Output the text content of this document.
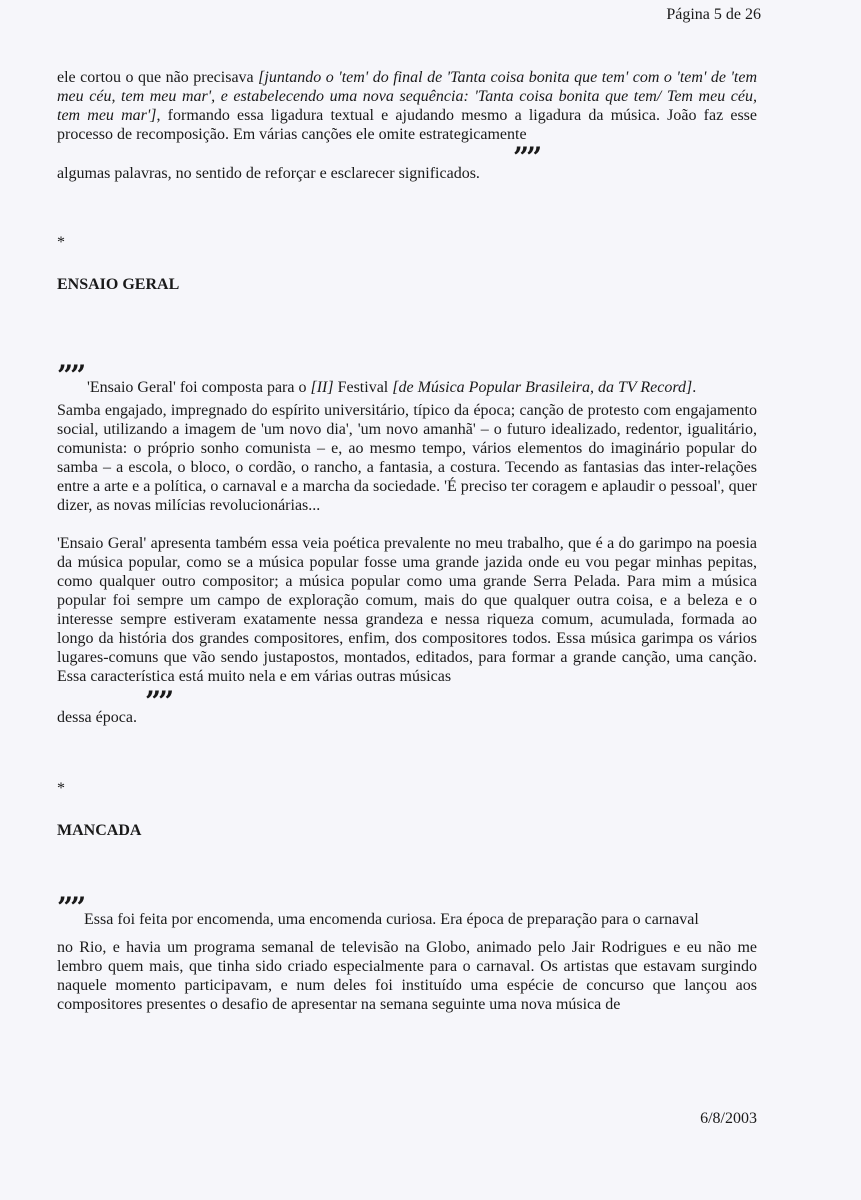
Página 5 de 26

ele cortou o que não precisava [juntando o 'tem' do final de 'Tanta coisa bonita que tem' com o 'tem' de 'tem meu céu, tem meu mar', e estabelecendo uma nova sequência: 'Tanta coisa bonita que tem/ Tem meu céu, tem meu mar'], formando essa ligadura textual e ajudando mesmo a ligadura da música. João faz esse processo de recomposição. Em várias canções ele omite estrategicamente

””

algumas palavras, no sentido de reforçar e esclarecer significados.

*
ENSAIO GERAL
”” 'Ensaio Geral' foi composta para o [II] Festival [de Música Popular Brasileira, da TV Record].

Samba engajado, impregnado do espírito universitário, típico da época; canção de protesto com engajamento social, utilizando a imagem de 'um novo dia', 'um novo amanhã' – o futuro idealizado, redentor, igualitário, comunista: o próprio sonho comunista – e, ao mesmo tempo, vários elementos do imaginário popular do samba – a escola, o bloco, o cordão, o rancho, a fantasia, a costura. Tecendo as fantasias das inter-relações entre a arte e a política, o carnaval e a marcha da sociedade. 'É preciso ter coragem e aplaudir o pessoal', quer dizer, as novas milícias revolucionárias...

'Ensaio Geral' apresenta também essa veia poética prevalente no meu trabalho, que é a do garimpo na poesia da música popular, como se a música popular fosse uma grande jazida onde eu vou pegar minhas pepitas, como qualquer outro compositor; a música popular como uma grande Serra Pelada. Para mim a música popular foi sempre um campo de exploração comum, mais do que qualquer outra coisa, e a beleza e o interesse sempre estiveram exatamente nessa grandeza e nessa riqueza comum, acumulada, formada ao longo da história dos grandes compositores, enfim, dos compositores todos. Essa música garimpa os vários lugares-comuns que vão sendo justapostos, montados, editados, para formar a grande canção, uma canção. Essa característica está muito nela e em várias outras músicas

””

dessa época.

*
MANCADA
”” Essa foi feita por encomenda, uma encomenda curiosa. Era época de preparação para o carnaval

no Rio, e havia um programa semanal de televisão na Globo, animado pelo Jair Rodrigues e eu não me lembro quem mais, que tinha sido criado especialmente para o carnaval. Os artistas que estavam surgindo naquele momento participavam, e num deles foi instituído uma espécie de concurso que lançou aos compositores presentes o desafio de apresentar na semana seguinte uma nova música de

6/8/2003
